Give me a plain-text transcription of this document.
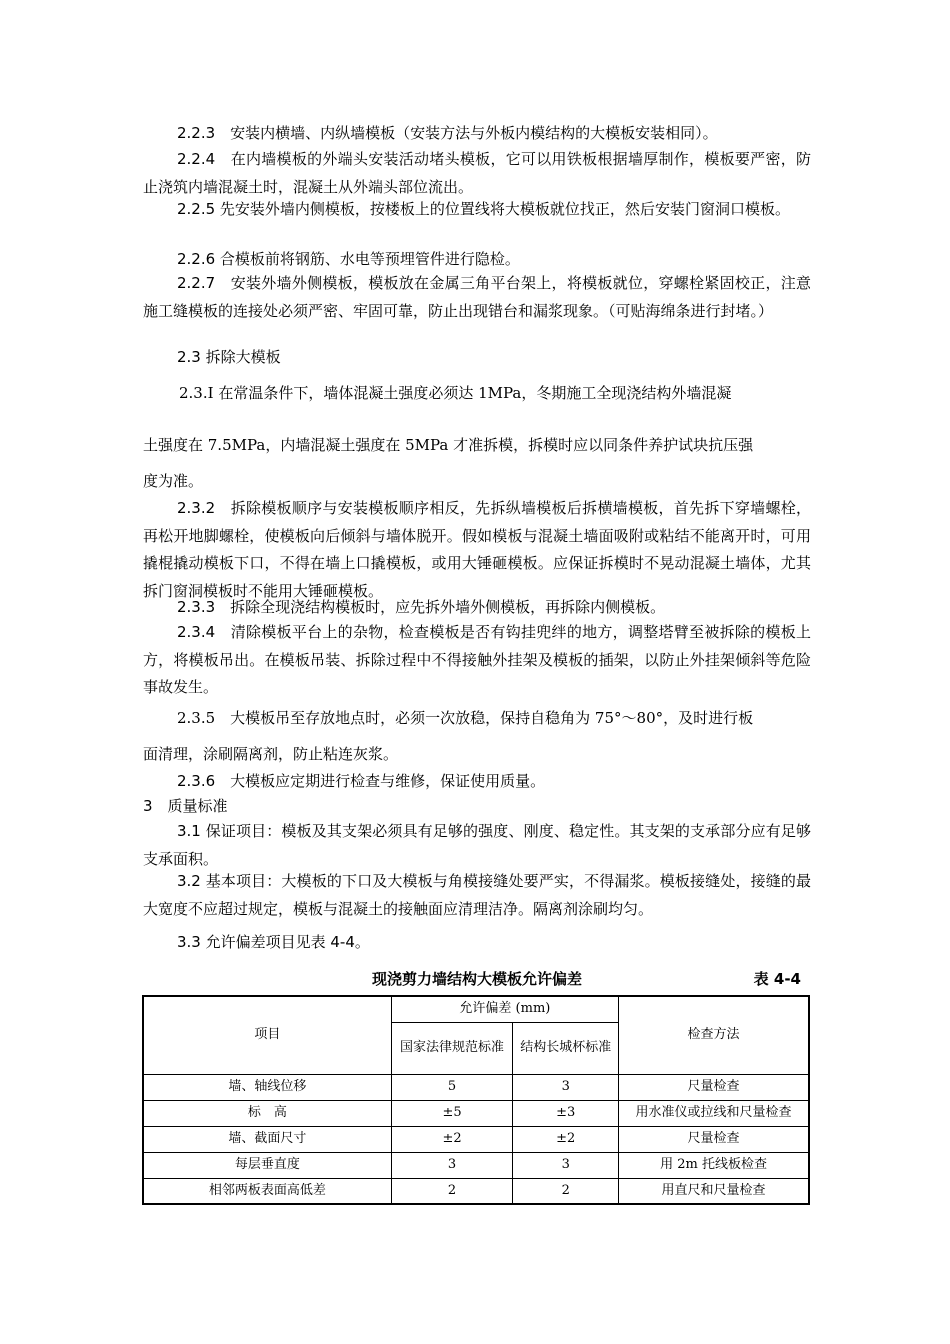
2.2.3　安装内横墙、内纵墙模板（安装方法与外板内模结构的大模板安装相同）。

2.2.4　在内墙模板的外端头安装活动堵头模板，它可以用铁板根据墙厚制作，模板要严密，防止浇筑内墙混凝土时，混凝土从外端头部位流出。

2.2.5 先安装外墙内侧模板，按楼板上的位置线将大模板就位找正，然后安装门窗洞口模板。

2.2.6 合模板前将钢筋、水电等预埋管件进行隐检。

2.2.7　安装外墙外侧模板，模板放在金属三角平台架上，将模板就位，穿螺栓紧固校正，注意施工缝模板的连接处必须严密、牢固可靠，防止出现错台和漏浆现象。（可贴海绵条进行封堵。）

2.3 拆除大模板

2.3.Ⅰ 在常温条件下，墙体混凝土强度必须达 1MPa，冬期施工全现浇结构外墙混凝

土强度在 7.5MPa，内墙混凝土强度在 5MPa 才准拆模，拆模时应以同条件养护试块抗压强

度为准。

2.3.2　拆除模板顺序与安装模板顺序相反，先拆纵墙模板后拆横墙模板，首先拆下穿墙螺栓，再松开地脚螺栓，使模板向后倾斜与墙体脱开。假如模板与混凝土墙面吸附或粘结不能离开时，可用撬棍撬动模板下口，不得在墙上口撬模板，或用大锤砸模板。应保证拆模时不晃动混凝土墙体，尤其拆门窗洞模板时不能用大锤砸模板。

2.3.3　拆除全现浇结构模板时，应先拆外墙外侧模板，再拆除内侧模板。

2.3.4　清除模板平台上的杂物，检查模板是否有钩挂兜绊的地方，调整塔臂至被拆除的模板上方，将模板吊出。在模板吊装、拆除过程中不得接触外挂架及模板的插架，以防止外挂架倾斜等危险事故发生。

2.3.5　大模板吊至存放地点时，必须一次放稳，保持自稳角为 75°～80°，及时进行板

面清理，涂刷隔离剂，防止粘连灰浆。

2.3.6　大模板应定期进行检查与维修，保证使用质量。

3　质量标准

3.1 保证项目：模板及其支架必须具有足够的强度、刚度、稳定性。其支架的支承部分应有足够支承面积。

3.2 基本项目：大模板的下口及大模板与角模接缝处要严实，不得漏浆。模板接缝处，接缝的最大宽度不应超过规定，模板与混凝土的接触面应清理洁净。隔离剂涂刷均匀。

3.3 允许偏差项目见表 4-4。

现浇剪力墙结构大模板允许偏差	表 4-4
项目	允许偏差 (mm)		检查方法
	国家法律规范标准	结构长城杯标准	
墙、轴线位移	5	3	尺量检查
标　高	±5	±3	用水准仪或拉线和尺量检查
墙、截面尺寸	±2	±2	尺量检查
每层垂直度	3	3	用 2m 托线板检查
相邻两板表面高低差	2	2	用直尺和尺量检查
